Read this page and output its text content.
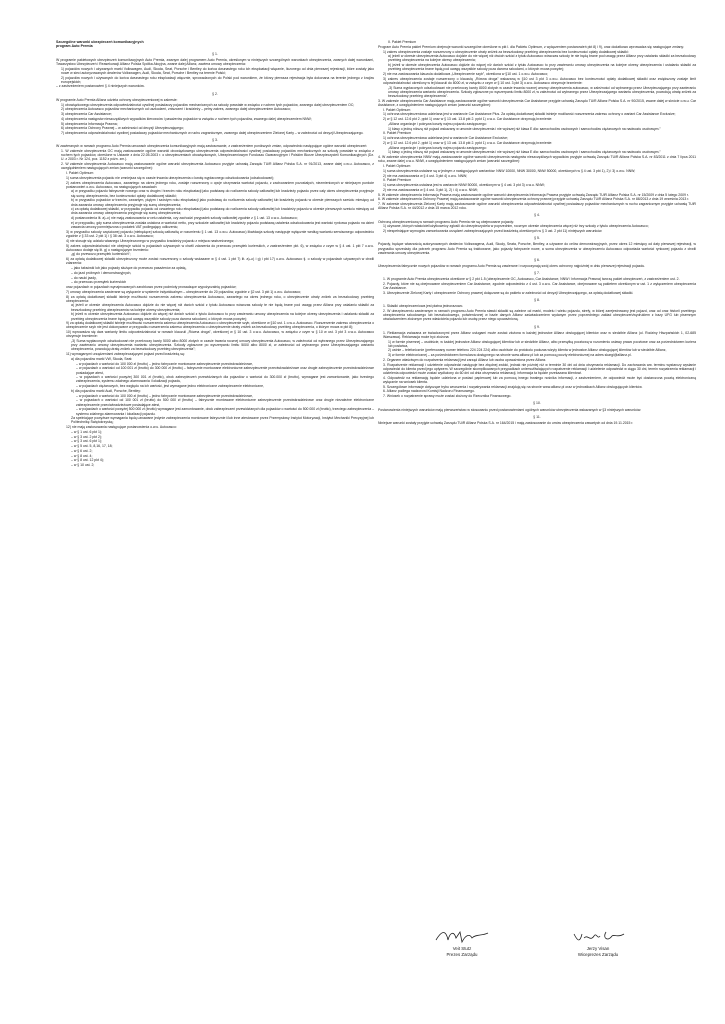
Szczególne warunki ubezpieczeń komunikacyjnych
program Auto Premia
§ 1.
W programie pakietowych ubezpieczeń komunikacyjnych Auto Premia, zwanym dalej programem Auto Premia, określonym w niniejszych szczególnych warunkach ubezpieczenia, zwanych dalej warunkami, Towarzystwo Ubezpieczeń i Reasekuracji Allianz Polska Spółka Akcyjna, zwane dalej Allianz, zawiera umowy ubezpieczenia:
1) pojazdów nowych i używanych marki Volkswagen, Audi, Skoda, Seat, Porsche i Bentley do końca dwunastego roku ich eksploatacji włącznie, liczonego od dnia pierwszej rejestracji, które zostały jako nowe w sieci autoryzowanych dealerów Volkswagen, Audi, Skoda, Seat, Porsche i Bentley na terenie Polski;
2) pojazdów nowych i używanych do końca dwunastego roku eksploatacji włącznie, sprowadzonych do Polski pod warunkiem, że którzy pierwsza rejestracja była dokonana na terenie jednego z krajów europejskich;
– z zastrzeżeniem postanowień § 4 niniejszych warunków.
§ 2.
W programie Auto Premia Allianz udziela ochrony ubezpieczeniowej w zakresie:
1) obowiązkowego ubezpieczenia odpowiedzialności cywilnej posiadaczy pojazdów mechanicznych za szkody powstałe w związku z ruchem tych pojazdów, zwanego dalej ubezpieczeniem OC;
2) ubezpieczenia Autocasco pojazdów mechanicznych od uszkodzeń, zniszczeń i kradzieży – pełny zakres, zwanego dalej ubezpieczeniem Autocasco;
3) ubezpieczenia Car Assistance;
4) ubezpieczenia następstw nieszczęśliwych wypadków kierowców i pasażerów pojazdów w związku z ruchem tych pojazdów, zwanego dalej ubezpieczeniem NNW;
5) ubezpieczenia Informacja Prawna;
6) ubezpieczenia Ochrony Prawnej – w zależności od decyzji Ubezpieczającego;
7) ubezpieczenia odpowiedzialności cywilnej posiadaczy pojazdów mechanicznych w ruchu zagranicznym, zwanego dalej ubezpieczeniem Zielonej Karty – w zależności od decyzji Ubezpieczającego.
§ 3.
W zawieranych w ramach programu Auto Premia umowach ubezpieczenia komunikacyjnych mają zastosowanie, z zastrzeżeniem poniższych zmian, odpowiednio następujące ogólne warunki ubezpieczeń:
1. W zakresie ubezpieczenia OC mają zastosowanie ogólne warunki obowiązkowego ubezpieczenia odpowiedzialności cywilnej posiadaczy pojazdów mechanicznych za szkody powstałe w związku z ruchem tych pojazdów, określone w Ustawie z dnia 22.05.2003 r. o ubezpieczeniach obowiązkowych, Ubezpieczeniowym Funduszu Gwarancyjnym i Polskim Biurze Ubezpieczycieli Komunikacyjnych (Dz. U. z 2003 r. Nr 124, poz. 1152 z późn. zm.).
2. W zakresie ubezpieczenia Autocasco mają zastosowanie ogólne warunki ubezpieczenia Autocasco przyjęte uchwałą Zarządu TUiR Allianz Polska S.A. nr 91/2013, zwane dalej o.w.u. Autocasco, z uwzględnieniem następujących zmian (warunki szczególne):
I. Pakiet Optimum
1) suma ubezpieczenia pojazdu nie zmniejsza się w czasie trwania ubezpieczenia o kwotę wypłaconego odszkodowania (odszkodowań);
2) zakres ubezpieczenia Autocasco, zawartego na okres jednego roku, zostaje rozszerzony o opcje utrzymania wartości pojazdu, z zachowaniem pozostałych, niezmienionych w niniejszym punkcie postanowień o.w.u. Autocasco, na następujących zasadach:
a) w przypadku pojazdu fabrycznie nowego oraz w drugim i trzecim roku eksploatacji jako podstawę do rozliczenia szkody całkowitej lub kradzieży pojazdu przez cały okres ubezpieczenia przyjmuje się sumę ubezpieczenia, bez konieczności opłaty dodatkowej składki;
b) w przypadku pojazdów w trzecim, czwartym, piątym i szóstym roku eksploatacji jako podstawę do rozliczenia szkody całkowitej lub kradzieży pojazdu w okresie pierwszych sześciu miesięcy od dnia zawarcia umowy ubezpieczenia przyjmuje się sumę ubezpieczenia;
c) za opłatą dodatkowej składki, w przypadku pojazdu od czwartego roku eksploatacji jako podstawę do rozliczenia szkody całkowitej lub kradzieży pojazdu w okresie pierwszych sześciu miesięcy od dnia zawarcia umowy ubezpieczenia przyjmuje się sumę ubezpieczenia;
d) postanowienia lit. a)–c) nie mają zastosowania w celu ustalenia, czy zachodzi przypadek szkody całkowitej zgodnie z § 1 ust. 13 o.w.u. Autocasco;
e) w przypadku, gdy suma ubezpieczenia została ustalona w wartości netto, przy szkodzie całkowitej lub kradzieży pojazdu podstawą ustalenia odszkodowania jest wartość rynkowa pojazdu na dzień zawarcia umowy pomniejszona o podatek VAT podlegający odliczeniu;
3) w przypadku szkody częściowej pojazdu (niebędącej szkodą całkowitą w rozumieniu § 1 ust. 13 o.w.u. Autocasco) likwidacja szkody następuje wyłącznie według wariantu serwisowego odpowiednio zgodnie z § 33 ust. 2 pkt 1) i § 38 ust. 3 o.w.u. Autocasco;
4) nie stosuje się udziału własnego Ubezpieczonego w przypadku kradzieży pojazdu z miejsca nastrzeżonego;
5) zakres odpowiedzialności nie obejmuje szkód w pojazdach używanych w chwili zdarzenia do przewozu przesyłek kurierskich, z zastrzeżeniem pkt. 6), w związku z czym w § 4 ust. 1 pkt 7 o.w.u. Autocasco dodaje się lit. g) o następującym brzmieniu:
„g) do przewozu przesyłek kurierskich”;
6) za opłatą dodatkowej składki ubezpieczony może zostać rozszerzony o szkody wskazane w § 4 ust. 1 pkt 7) lit. a)–c) i g) i pkt 17) o.w.u. Autocasco tj. o szkody w pojazdach używanych w chwili zdarzenia:
– jako taksówki lub jako pojazdy służące do przewozu pasażerów za opłatą,
– do jazd próbnych i demonstracyjnych,
– do nauki jazdy,
– do przewozu przesyłek kurierskich
oraz pojazdach w pojazdach wynajmowanych zarobkowo przez podmioty prowadzące wypożyczalnię pojazdów;
7) umowy ubezpieczenia zawierane są wyłącznie w systemie indywidualnym – ubezpieczenie do 20 pojazdów, zgodnie z §2 ust. 3 pkt 1) o.w.u. Autocasco;
8) za opłatą dodatkowej składki istnieje możliwość rozszerzenia zakresu ubezpieczenia Autocasco, zawartego na okres jednego roku, o ubezpieczenie utraty zniżek za bezszkodowy przebieg ubezpieczenia:
a) jeżeli w okresie ubezpieczenia Autocasco dojdzie do nie więcej niż dwóch szkód z tytułu Autocasco wówczas szkody te nie będą brane pod uwagę przez Allianz przy ustalaniu składki za bezszkodowy przebieg ubezpieczenia na kolejne okresy ubezpieczenia;
b) jeżeli w okresie ubezpieczenia Autocasco dojdzie do więcej niż dwóch szkód z tytułu Autocasco to przy zawieraniu umowy ubezpieczenia na kolejne okresy ubezpieczenia i ustalaniu składki za przebieg ubezpieczenia brane będą pod uwagę wszystkie szkody poza dwoma szkodami, o których mowa powyżej;
9) za opłatą dodatkowej składki istnieje możliwość rozszerzenia zakresu ubezpieczenia Autocasco o ubezpieczenie szyb, określone w §10 ust. 1 o.w.u. Autocasco. Rozszerzenie zakresu ubezpieczenia o ubezpieczenie szyb nie jest dokonywane w przypadku rozszerzenia zakresu ubezpieczenia o ubezpieczenie utraty zniżek za bezszkodowy przebieg ubezpieczenia, o którym mowa w pkt 8);
10) wprowadza się dwa warianty limitu odpowiedzialności w ramach klauzuli „Równa droga”, określonej w § 10 ust. 3 o.w.u. Autocasco, w związku z czym w § 10 w ust. 3 pkt 3 o.w.u. Autocasco otrzymuje brzmienie:
„3) Suma wypłaconych odszkodowań nie przekroczy kwoty 5000 albo 8000 złotych w czasie trwania rocznej umowy ubezpieczenia Autocasco, w zależności od wybranego przez Ubezpieczającego przy zawieraniu umowy ubezpieczenia wariantu ubezpieczenia. Szkody zgłoszone po wyczerpaniu limitu 5000 albo 8000 zł, w zależności od wybranego przez Ubezpieczającego wariantu ubezpieczenia, powodują utratę zniżek za bezszkodowy przebieg ubezpieczenia”;
11) wymaganymi urządzeniami zabezpieczającymi pojazd przed kradzieżą są:
a) dla pojazdów marki VW, Skoda, Seat:
– w pojazdach o wartości do 100 000 zł (brutto) – jedno fabrycznie montowane zabezpieczenie przeciwkradzieżowe,
– w pojazdach o wartości od 100 001 zł (brutto) do 300 000 zł (brutto) – fabrycznie montowane elektroniczne zabezpieczenie przeciwkradzieżowe oraz drugie zabezpieczenie przeciwkradzieżowe posiadające atest,
– w pojazdach o wartości powyżej 300 001 zł (brutto), obok zabezpieczeń przewidzianych dla pojazdów o wartości do 300.000 zł (brutto), wymagane jest zamontowanie, jako trzeciego zabezpieczenia, systemu zdalnego alarmowania i lokalizacji pojazdu,
– w pojazdach ciężarowych, bez względu na ich wartość, jest wymagane jedno elektroniczne zabezpieczenie elektroniczne,
b) dla pojazdów marki Audi, Porsche, Bentley:
– w pojazdach o wartości do 100 000 zł (brutto) – jedno fabrycznie montowane zabezpieczenie przeciwkradzieżowe,
– w pojazdach o wartości od 100 001 zł (brutto) do 500 000 zł (brutto) – fabrycznie montowane elektroniczne zabezpieczenie przeciwkradzieżowe oraz drugie niezależne elektroniczne zabezpieczenie przeciwkradzieżowe posiadające atest,
– w pojazdach o wartości powyżej 500 000 zł (brutto) wymagane jest zamontowanie, obok zabezpieczeń przewidzianych dla pojazdów o wartości do 500 000 zł (brutto), trzeciego zabezpieczenia – systemu zdalnego alarmowania i lokalizacji pojazdu.
Za spełniające powyższe wymagania będą uznawane jedynie zabezpieczenia montowane fabrycznie i/lub inne atestowane przez Przemysłowy Instytut Motoryzacji, Instytut Mechaniki Precyzyjnej lub Politechnikę Świętokrzyską;
12) nie mają zastosowania następujące postanowienia o.w.u. Autocasco:
– w § 1 ust. 6 pkt 1);
– w § 3 ust. 2 pkt 2);
– w § 3 ust. 6 pkt 1);
– w § 5 ust. 5, 8,16, 17, 18;
– w § 6 ust. 2;
– w § 8 ust. 4;
– w § 8 ust. 12 pkt 4);
– w § 10 ust. 2;
II. Pakiet Premium
Program Auto Premia pakiet Premium obejmuje warunki szczególne określone w pkt I. dla Pakietu Optimum, z wyłączeniem postanowień pkt 8) i 9), oraz dodatkowo wprowadza się następujące zmiany:
1) zakres ubezpieczenia zostaje rozszerzony o ubezpieczenie utraty zniżek za bezszkodowy przebieg ubezpieczenia bez konieczności opłaty dodatkowej składki:
a) jeżeli w okresie ubezpieczenia Autocasco dojdzie do nie więcej niż dwóch szkód z tytułu Autocasco wówczas szkody te nie będą brane pod uwagę przez Allianz przy ustalaniu składki za bezszkodowy przebieg ubezpieczenia na kolejne okresy ubezpieczenia;
b) jeżeli w okresie ubezpieczenia Autocasco dojdzie do więcej niż dwóch szkód z tytułu Autocasco to przy zawieraniu umowy ubezpieczenia na kolejne okresy ubezpieczenia i ustalaniu składki za przebieg ubezpieczenia brane będą pod uwagę wszystkie szkody poza dwoma szkodami, o których mowa powyżej;
2) nie ma zastosowania klauzula dodatkowa „Ubezpieczenie szyb”, określona w §10 ust. 1 o.w.u. Autocasco;
3) zakres ubezpieczenia zostaje rozszerzony o klauzulę „Równa droga” wskazaną w §10 ust 3 pkt 3 o.w.u. Autocasco bez konieczności opłaty dodatkowej składki oraz zwiększony zostaje limit odpowiedzialności określony w tej klauzuli do 8000 zł, w związku z czym w § 10 ust. 3 pkt 3) o.w.u. Autocasco otrzymuje brzmienie:
„3) Suma wypłaconych odszkodowań nie przekroczy kwoty 8000 złotych w czasie trwania rocznej umowy ubezpieczenia autocasco, w zależności od wybranego przez Ubezpieczającego przy zawieraniu umowy ubezpieczenia wariantu ubezpieczenia. Szkody zgłoszone po wyczerpaniu limitu 8000 zł, w zależności od wybranego przez Ubezpieczającego wariantu ubezpieczenia, powodują utratę zniżek za bezszkodowy przebieg ubezpieczenia”.
3. W zakresie ubezpieczenia Car Assistance mają zastosowanie ogólne warunki ubezpieczenia Car Assistance przyjęte uchwałą Zarządu TUiR Allianz Polska S.A. nr 90/2015, zwane dalej w skrócie o.w.u. Car Assistance, z uwzględnieniem następujących zmian (warunki szczególne):
I. Pakiet Optimum
1) ochrona ubezpieczeniowa udzielana jest w wariancie Car Assistance Plus. Za opłatą dodatkowej składki istnieje możliwość rozszerzenia zakresu ochrony o wariant Car Assistance Exclusive;
2) w § 12 ust. 12.6 pkt 2. ppkt 1) oraz w § 13 ust. 13.8 pkt 2. ppkt 1) o.w.u. Car Assistance otrzymują brzmienie:
„Allianz organizuje i pokrywa koszty najmu pojazdu zastępczego:
1) klasy o jedną niższą niż pojazd wskazany w umowie ubezpieczenia i nie wyższej niż klasa E dla: samochodów osobowych i samochodów ciężarowych na nadwoziu osobowym.”
II. Pakiet Premium
1) ochrona ubezpieczeniowa udzielana jest w wariancie Car Assistance Exclusive;
2) w § 12 ust. 12.6 pkt 2. ppkt 1) oraz w § 13 ust. 13.8 pkt 2. ppkt 1) o.w.u. Car Assistance otrzymują brzmienie:
„Allianz organizuje i pokrywa koszty najmu pojazdu zastępczego:
1) klasy o jedną niższą niż pojazd wskazany w umowie ubezpieczenia i nie wyższej niż klasa E dla: samochodów osobowych i samochodów ciężarowych na nadwoziu osobowym.”
4. W zakresie ubezpieczenia NNW mają zastosowanie ogólne warunki ubezpieczenia następstw nieszczęśliwych wypadków przyjęte uchwałą Zarządu TUiR Allianz Polska S.A. nr 83/2011 z dnia 7 lipca 2011 roku, zwane dalej o.w.u. NNW, z uwzględnieniem następujących zmian (warunki szczególne):
I. Pakiet Optimum
1) suma ubezpieczenia ustalane są w jednym z następujących wariantów: NNW 10000, NNW 30000, NNW 50000, określonych w § 4 ust. 3 pkt 1), 2) i 3) o.w.u. NNW;
2) nie ma zastosowania w § 4 ust. 3 pkt 4) o.w.u. NNW;
II. Pakiet Premium
1) suma ubezpieczenia ustalana jest w wariancie NNW 50000, określonym w § 4 ust. 3 pkt 3) o.w.u. NNW;
2) nie ma zastosowania w § 4 ust. 3 pkt 1), 2) i 4) o.w.u. NNW;
5. W zakresie ubezpieczenia Informacja Prawna mają zastosowanie ogólne warunki ubezpieczenia Informacja Prawna przyjęte uchwałą Zarządu TUiR Allianz Polska S.A. nr 15/2009 z dnia 5 lutego 2009 r.
6. W zakresie ubezpieczenia Ochrony Prawnej mają zastosowanie ogólne warunki ubezpieczenia ochrony prawnej przyjęte uchwałą Zarządu TUiR Allianz Polska S.A. nr 88/2013 z dnia 19 września 2013 r.
7. W zakresie ubezpieczenia Zielonej Karty mają zastosowanie ogólne warunki ubezpieczenia odpowiedzialności cywilnej posiadaczy pojazdów mechanicznych w ruchu zagranicznym przyjęte uchwałą TUiR Allianz Polska S.A. nr 44/2012 z dnia 15 marca 2012 roku.
§ 4.
Ochroną ubezpieczeniową w ramach programu Auto Premia nie są obejmowane pojazdy:
1) używane, których właściciel/użytkownicy zgłosili do ubezpieczyciela w poprzednim, rocznym okresie ubezpieczenia więcej niż trzy szkody z tytułu ubezpieczenia Autocasco;
2) niespełniające wymogów zamontowania urządzeń zabezpieczających przed kradzieżą określonych w § 3 ust. 2 pkt 11) niniejszych warunków.
§ 5.
Pojazdy, będące własnością autoryzowanych dealerów Volkswagena, Audi, Skody, Seata, Porsche, Bentley, a używane do celów demonstracyjnych, przez okres 12 miesięcy od daty pierwszej rejestracji, w przypadku sprzedaży dla potrzeb programu Auto Premia są traktowane, jako pojazdy fabrycznie nowe, a suma ubezpieczenia w ubezpieczeniu Autocasco odpowiada wartości rynkowej pojazdu z chwili zawierania umowy ubezpieczenia.
§ 6.
Ubezpieczenia fabrycznie nowych pojazdów w ramach programu Auto Premia są zawierane i rozpoczynają swój okres ochronny najpóźniej w dniu pierwszej rejestracji pojazdu.
§ 7.
1. W programie Auto Premia ubezpieczenia określone w § 2 pkt 1-5 (ubezpieczenie OC, Autocasco, Car Assistance, NNW i Informacja Prawna) tworzą pakiet ubezpieczeń, z zastrzeżeniem ust. 2.
2. Pojazdy, które nie są obejmowane ubezpieczeniem Car Assistance, zgodnie odpowiednio z 4 ust. 3 o.w.u. Car Assistance, obejmowane są pakietem określonym w ust. 1 z wyłączeniem ubezpieczenia Car Assistance.
3. Ubezpieczenie Zielonej Karty i ubezpieczenie Ochrony prawnej dołączane są do pakietu w zależności od decyzji Ubezpieczającego, za opłatą dodatkowej składki.
§ 8.
1. Składki ubezpieczeniowa jest płatna jednorazowo.
2. W ubezpieczeniu zawieranym w ramach programu Auto Premia stawki składki są zależne od marki, modelu i wieku pojazdu, strefy, w której zarejestrowany jest pojazd, oraz od oraz historii przebiegu ubezpieczenia szkodowego lub bezszkodowego, potwierdzonej w bazie danych Allianz zaświadczeniem wydanym przez poprzedniego zakład ubezpieczeń/wydrukiem z bazy UFG lub pisemnym oświadczeniem złożonym przez właściciela pojazdu lub osobę przez niego upoważnioną.
§ 9.
1. Reklamacja zwiazana ze świadczonymi przez Allianz usługami może zostać złożona w każdej jednostce Allianz obsługującej klientów oraz w siedzibie Allianz (ul. Rodziny Hiszpańskich 1, 02-685 Warszawa). Reklamacja może być złożona:
1) w formie pisemnej – osobiście, w każdej jednostce Allianz obsługującej klientów lub w siedzibie Allianz, albo przesyłką pocztową w rozumieniu ustawy prawo pocztowe oraz za pośrednictwem kuriera lub posłańca,
2) ustnie – telefonicznie (preferowany numer telefonu 224 224 224) albo osobiście do protokołu podczas wizyty klienta w jednostce Allianz obsługującej klientów lub w siedzibie Allianz,
3) w formie elektronicznej – za pośrednictwem formularza dostępnego na stronie www.allianz.pl lub za pomocą poczty elektronicznej na adres skargi@allianz.pl.
2. Organem właściwym do rozpatrzenia reklamacji jest zarząd Allianz lub osoba upoważniona przez Allianz.
3. Rozpatrzenie reklamacji i udzielenie odpowiedzi następuje bez zbędnej zwłoki, jednak nie później niż w terminie 30 dni od dnia otrzymania reklamacji. Do zachowania ww. terminu wystarczy wysłanie odpowiedzi do klienta przed jego upływem. W szczególnie skomplikowanych przypadkach uniemożliwiających rozpatrzenie reklamacji i udzielenie odpowiedzi w ciągu 30 dni, termin rozpatrzenia reklamacji i udzielenia odpowiedzi może zostać wydłużony do 60 dni od dnia otrzymania reklamacji, informacja ta będzie przekazana klientowi.
4. Odpowiedź na reklamację będzie udzielona w postaci papierowej lub za pomocą innego trwałego nośnika informacji, z zastrzeżeniem, że odpowiedź może być dostarczona pocztą elektroniczną wyłącznie na wniosek klienta.
5. Szczegółowe informacje dotyczące trybu wnoszenia i rozpatrywania reklamacji znajdują się na stronie www.allianz.pl oraz w jednostkach Allianz obsługujących klientów.
6. Allianz podlega nadzorowi Komisji Nadzoru Finansowego.
7. Wniosek o rozpatrzenie sprawy może zostać złożony do Rzecznika Finansowego.
§ 10.
Postanowienia niniejszych warunków mają pierwszeństwo w stosowaniu przed postanowieniami ogólnych warunków ubezpieczenia wskazanych w §3 niniejszych warunków.
§ 11.
Niniejsze warunki zostały przyjęte uchwałą Zarządu TUiR Allianz Polska S.A. nr 164/2015 i mają zastosowanie do umów ubezpieczenia zawartych od dnia 19.11.2015 r.
Veit Stutz
Prezes Zarządu
Jerzy Visan
Wiceprezes Zarządu
